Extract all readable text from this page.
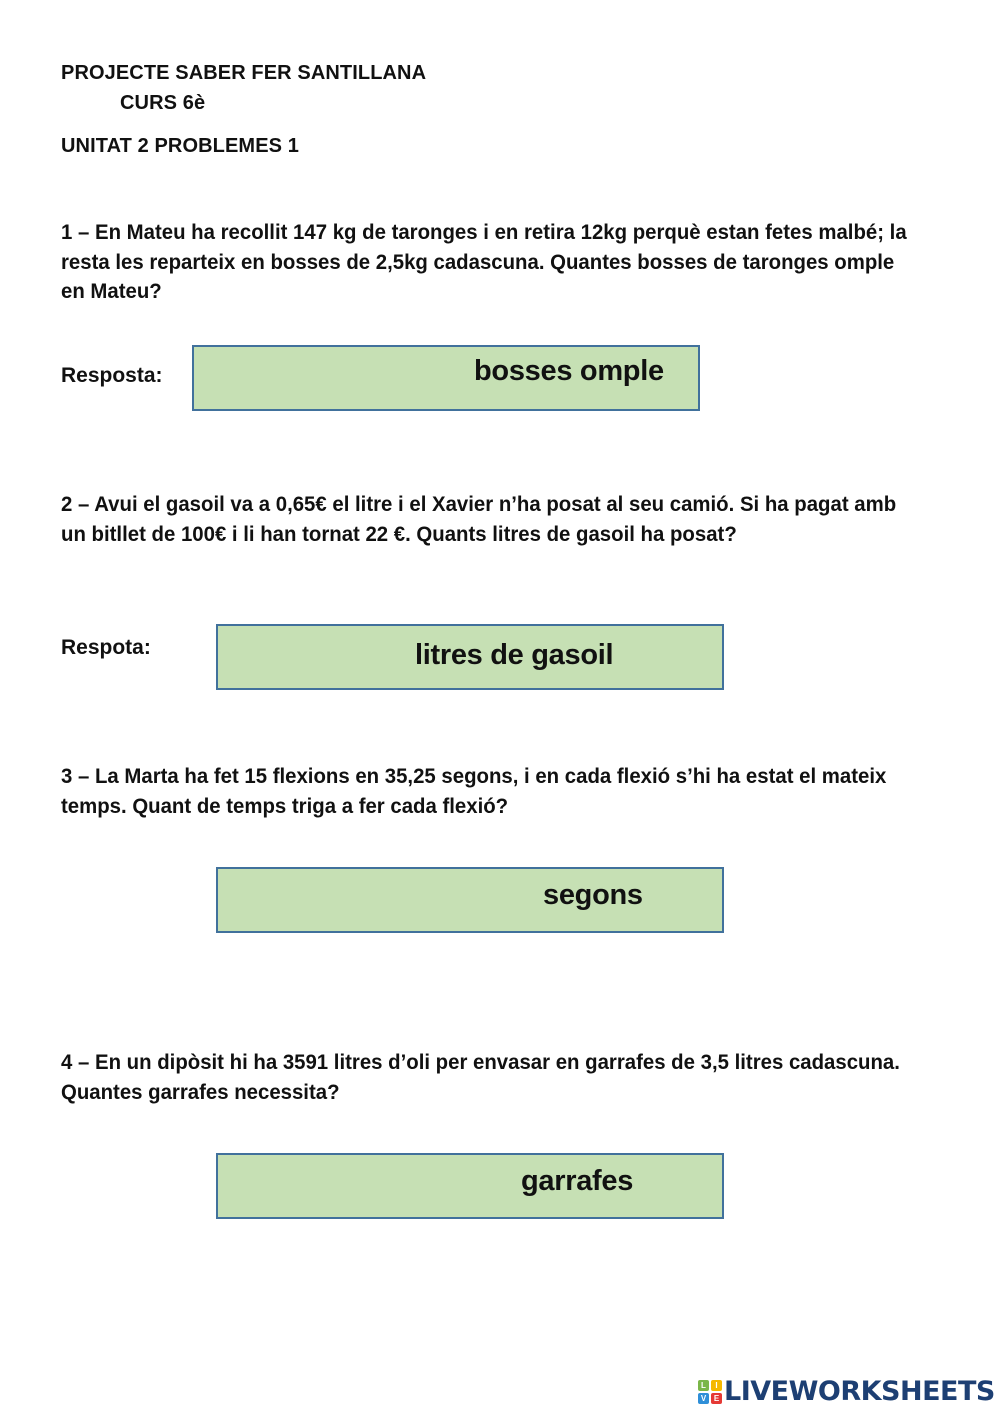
PROJECTE SABER FER SANTILLANA
CURS 6è
UNITAT 2 PROBLEMES 1
1 – En Mateu ha recollit 147 kg de taronges i en retira 12kg perquè estan fetes malbé; la resta les reparteix en bosses de 2,5kg cadascuna. Quantes bosses de taronges omple en Mateu?
Resposta:	bosses omple
2 – Avui el gasoil va a 0,65€ el litre i el Xavier n’ha posat al seu camió. Si ha pagat amb un bitllet de 100€ i li han tornat 22 €. Quants litres de gasoil ha posat?
Respota:	litres de gasoil
3 – La Marta ha fet 15 flexions en 35,25 segons, i en cada flexió s’hi ha estat el mateix temps. Quant de temps triga a fer cada flexió?
segons
4 – En un dipòsit hi ha 3591 litres d’oli per envasar en garrafes de 3,5 litres cadascuna. Quantes garrafes necessita?
garrafes
L	I
V E LIVEWORKSHEETS
